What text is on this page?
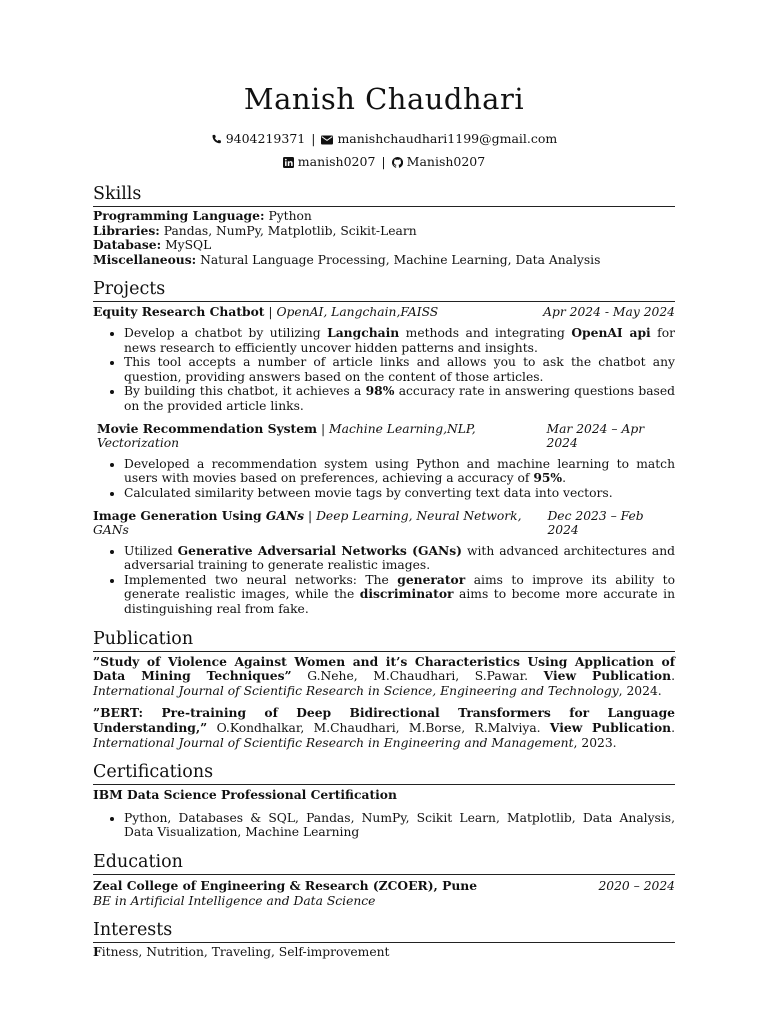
Manish Chaudhari
9404219371 | manishchaudhari1199@gmail.com
manish0207 | Manish0207
Skills
Programming Language: Python
Libraries: Pandas, NumPy, Matplotlib, Scikit-Learn
Database: MySQL
Miscellaneous: Natural Language Processing, Machine Learning, Data Analysis
Projects
Equity Research Chatbot | OpenAI, Langchain,FAISS	Apr 2024 - May 2024
• Develop a chatbot by utilizing Langchain methods and integrating OpenAI api for news research to efficiently uncover hidden patterns and insights.
• This tool accepts a number of article links and allows you to ask the chatbot any question, providing answers based on the content of those articles.
• By building this chatbot, it achieves a 98% accuracy rate in answering questions based on the provided article links.
Movie Recommendation System | Machine Learning,NLP, Vectorization
Mar 2024 – Apr 2024
• Developed a recommendation system using Python and machine learning to match users with movies based on preferences, achieving a accuracy of 95%.
• Calculated similarity between movie tags by converting text data into vectors.
Image Generation Using GANs | Deep Learning, Neural Network, GANs
Dec 2023 – Feb 2024
• Utilized Generative Adversarial Networks (GANs) with advanced architectures and adversarial training to generate realistic images.
• Implemented two neural networks: The generator aims to improve its ability to generate realistic images, while the discriminator aims to become more accurate in distinguishing real from fake.
Publication
”Study of Violence Against Women and it’s Characteristics Using Application of Data Mining Techniques” G.Nehe, M.Chaudhari, S.Pawar. View Publication. International Journal of Scientific Research in Science, Engineering and Technology, 2024.
”BERT: Pre-training of Deep Bidirectional Transformers for Language Understanding,” O.Kondhalkar, M.Chaudhari, M.Borse, R.Malviya. View Publication. International Journal of Scientific Research in Engineering and Management, 2023.
Certifications
IBM Data Science Professional Certification
• Python, Databases & SQL, Pandas, NumPy, Scikit Learn, Matplotlib, Data Analysis, Data Visualization, Machine Learning
Education
Zeal College of Engineering & Research (ZCOER), Pune	2020 – 2024
BE in Artificial Intelligence and Data Science
Interests
Fitness, Nutrition, Traveling, Self-improvement
